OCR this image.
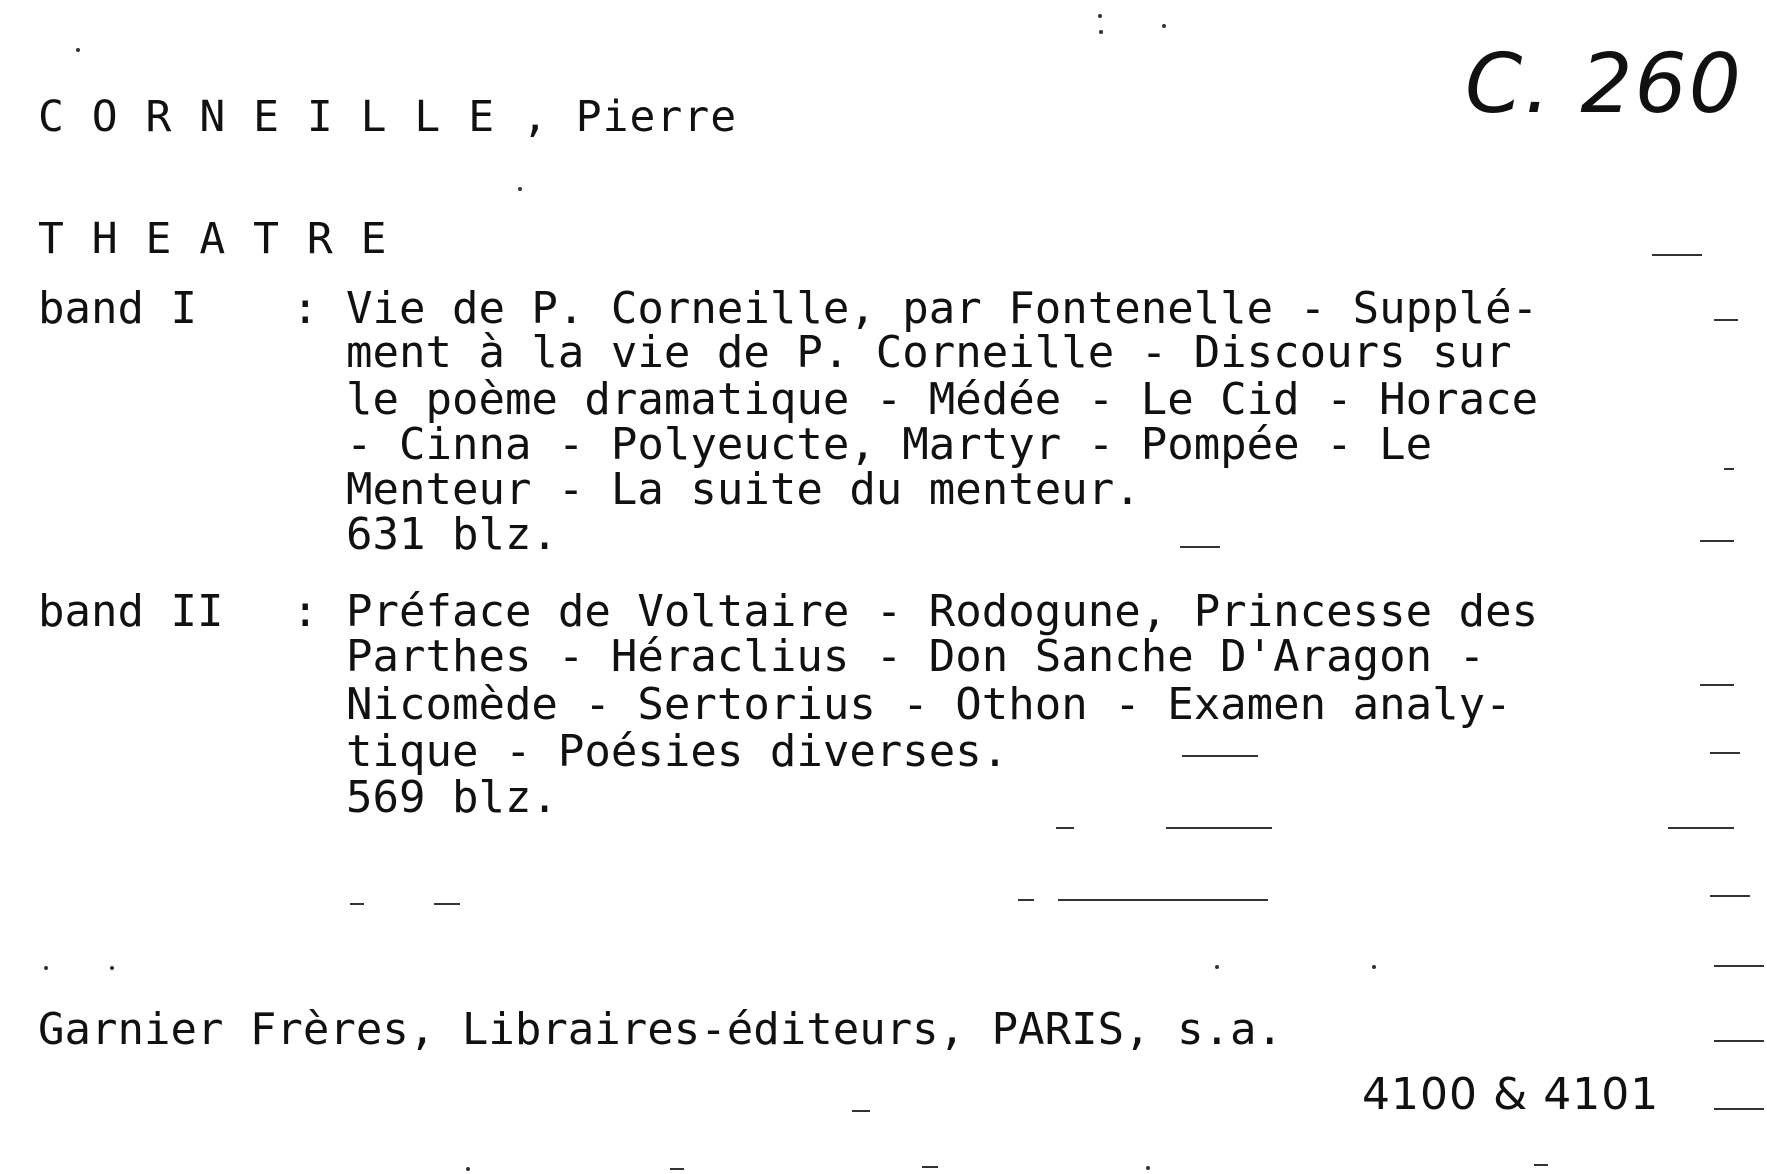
C. 260
C O R N E I L L E , Pierre
T H E A T R E
band I : Vie de P. Corneille, par Fontenelle - Supplé-
ment à la vie de P. Corneille - Discours sur
le poème dramatique - Médée - Le Cid - Horace
- Cinna - Polyeucte, Martyr - Pompée - Le
Menteur - La suite du menteur.
631 blz.
band II : Préface de Voltaire - Rodogune, Princesse des
Parthes - Héraclius - Don Sanche D'Aragon -
Nicomède - Sertorius - Othon - Examen analy-
tique - Poésies diverses.
569 blz.
Garnier Frères, Libraires-éditeurs, PARIS, s.a.
4100 & 4101
